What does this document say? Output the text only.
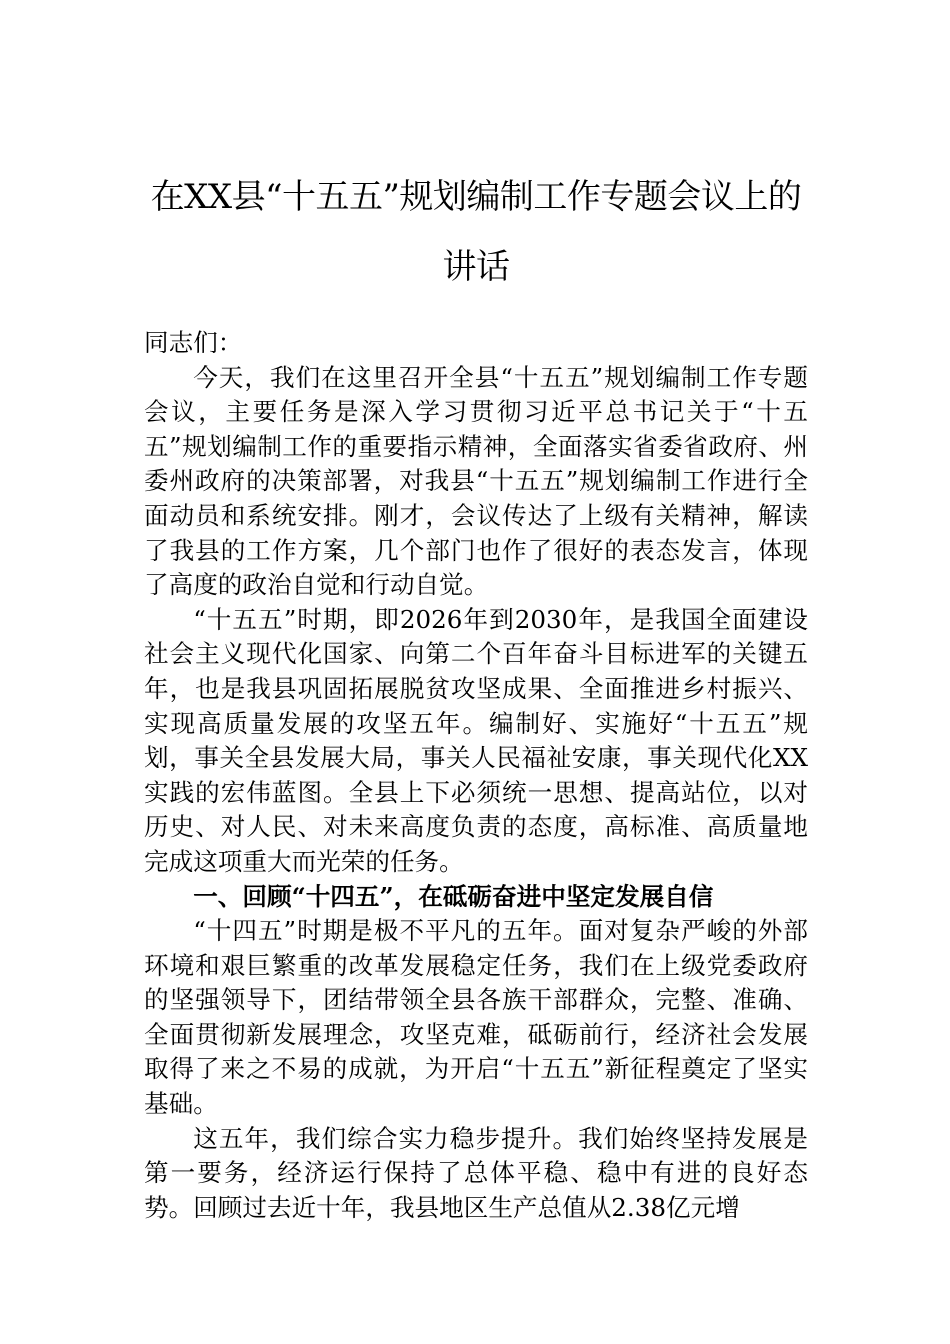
在XX县“十五五”规划编制工作专题会议上的讲话

同志们：

今天，我们在这里召开全县“十五五”规划编制工作专题会议，主要任务是深入学习贯彻习近平总书记关于“十五五”规划编制工作的重要指示精神，全面落实省委省政府、州委州政府的决策部署，对我县“十五五”规划编制工作进行全面动员和系统安排。刚才，会议传达了上级有关精神，解读了我县的工作方案，几个部门也作了很好的表态发言，体现了高度的政治自觉和行动自觉。

“十五五”时期，即2026年到2030年，是我国全面建设社会主义现代化国家、向第二个百年奋斗目标进军的关键五年，也是我县巩固拓展脱贫攻坚成果、全面推进乡村振兴、实现高质量发展的攻坚五年。编制好、实施好“十五五”规划，事关全县发展大局，事关人民福祉安康，事关现代化XX实践的宏伟蓝图。全县上下必须统一思想、提高站位，以对历史、对人民、对未来高度负责的态度，高标准、高质量地完成这项重大而光荣的任务。

一、回顾“十四五”，在砥砺奋进中坚定发展自信

“十四五”时期是极不平凡的五年。面对复杂严峻的外部环境和艰巨繁重的改革发展稳定任务，我们在上级党委政府的坚强领导下，团结带领全县各族干部群众，完整、准确、全面贯彻新发展理念，攻坚克难，砥砺前行，经济社会发展取得了来之不易的成就，为开启“十五五”新征程奠定了坚实基础。

这五年，我们综合实力稳步提升。我们始终坚持发展是第一要务，经济运行保持了总体平稳、稳中有进的良好态势。回顾过去近十年，我县地区生产总值从2.38亿元增
